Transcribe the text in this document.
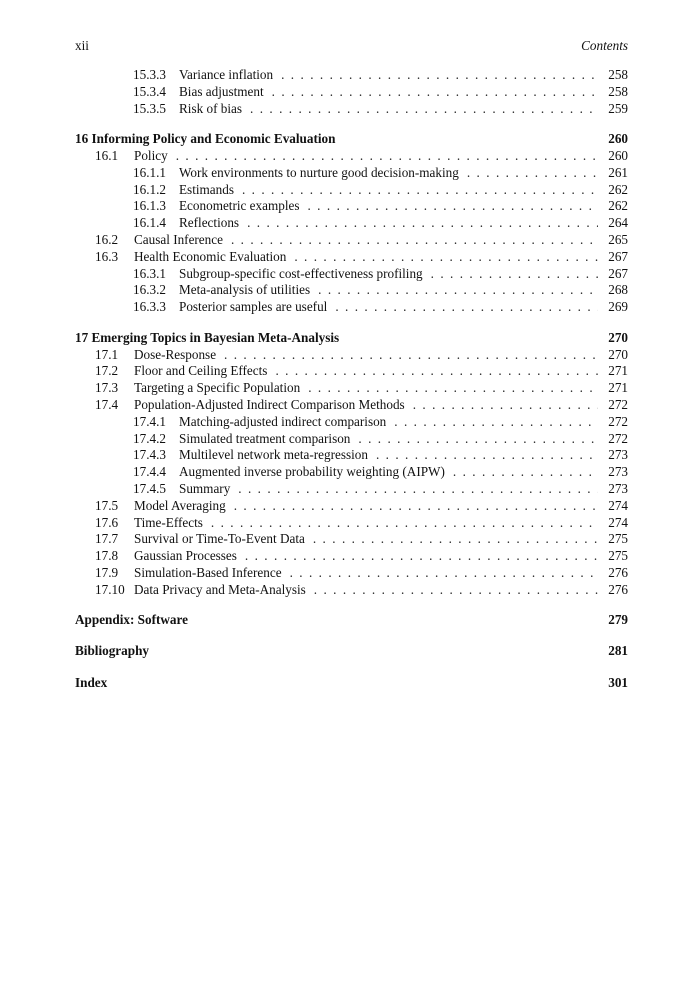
xii	Contents
15.3.3 Variance inflation . . .	258
15.3.4 Bias adjustment . . .	258
15.3.5 Risk of bias . . .	259
16 Informing Policy and Economic Evaluation	260
16.1	Policy . . .	260
16.1.1 Work environments to nurture good decision-making . . .	261
16.1.2 Estimands . . .	262
16.1.3 Econometric examples . . .	262
16.1.4 Reflections . . .	264
16.2	Causal Inference . . .	265
16.3	Health Economic Evaluation . . .	267
16.3.1 Subgroup-specific cost-effectiveness profiling . . .	267
16.3.2 Meta-analysis of utilities . . .	268
16.3.3 Posterior samples are useful . . .	269
17 Emerging Topics in Bayesian Meta-Analysis	270
17.1	Dose-Response . . .	270
17.2	Floor and Ceiling Effects . . .	271
17.3	Targeting a Specific Population . . .	271
17.4	Population-Adjusted Indirect Comparison Methods . . .	272
17.4.1 Matching-adjusted indirect comparison . . .	272
17.4.2 Simulated treatment comparison . . .	272
17.4.3 Multilevel network meta-regression . . .	273
17.4.4 Augmented inverse probability weighting (AIPW) . . .	273
17.4.5 Summary . . .	273
17.5	Model Averaging . . .	274
17.6	Time-Effects . . .	274
17.7	Survival or Time-To-Event Data . . .	275
17.8	Gaussian Processes . . .	275
17.9	Simulation-Based Inference . . .	276
17.10 Data Privacy and Meta-Analysis . . .	276
Appendix: Software	279
Bibliography	281
Index	301
